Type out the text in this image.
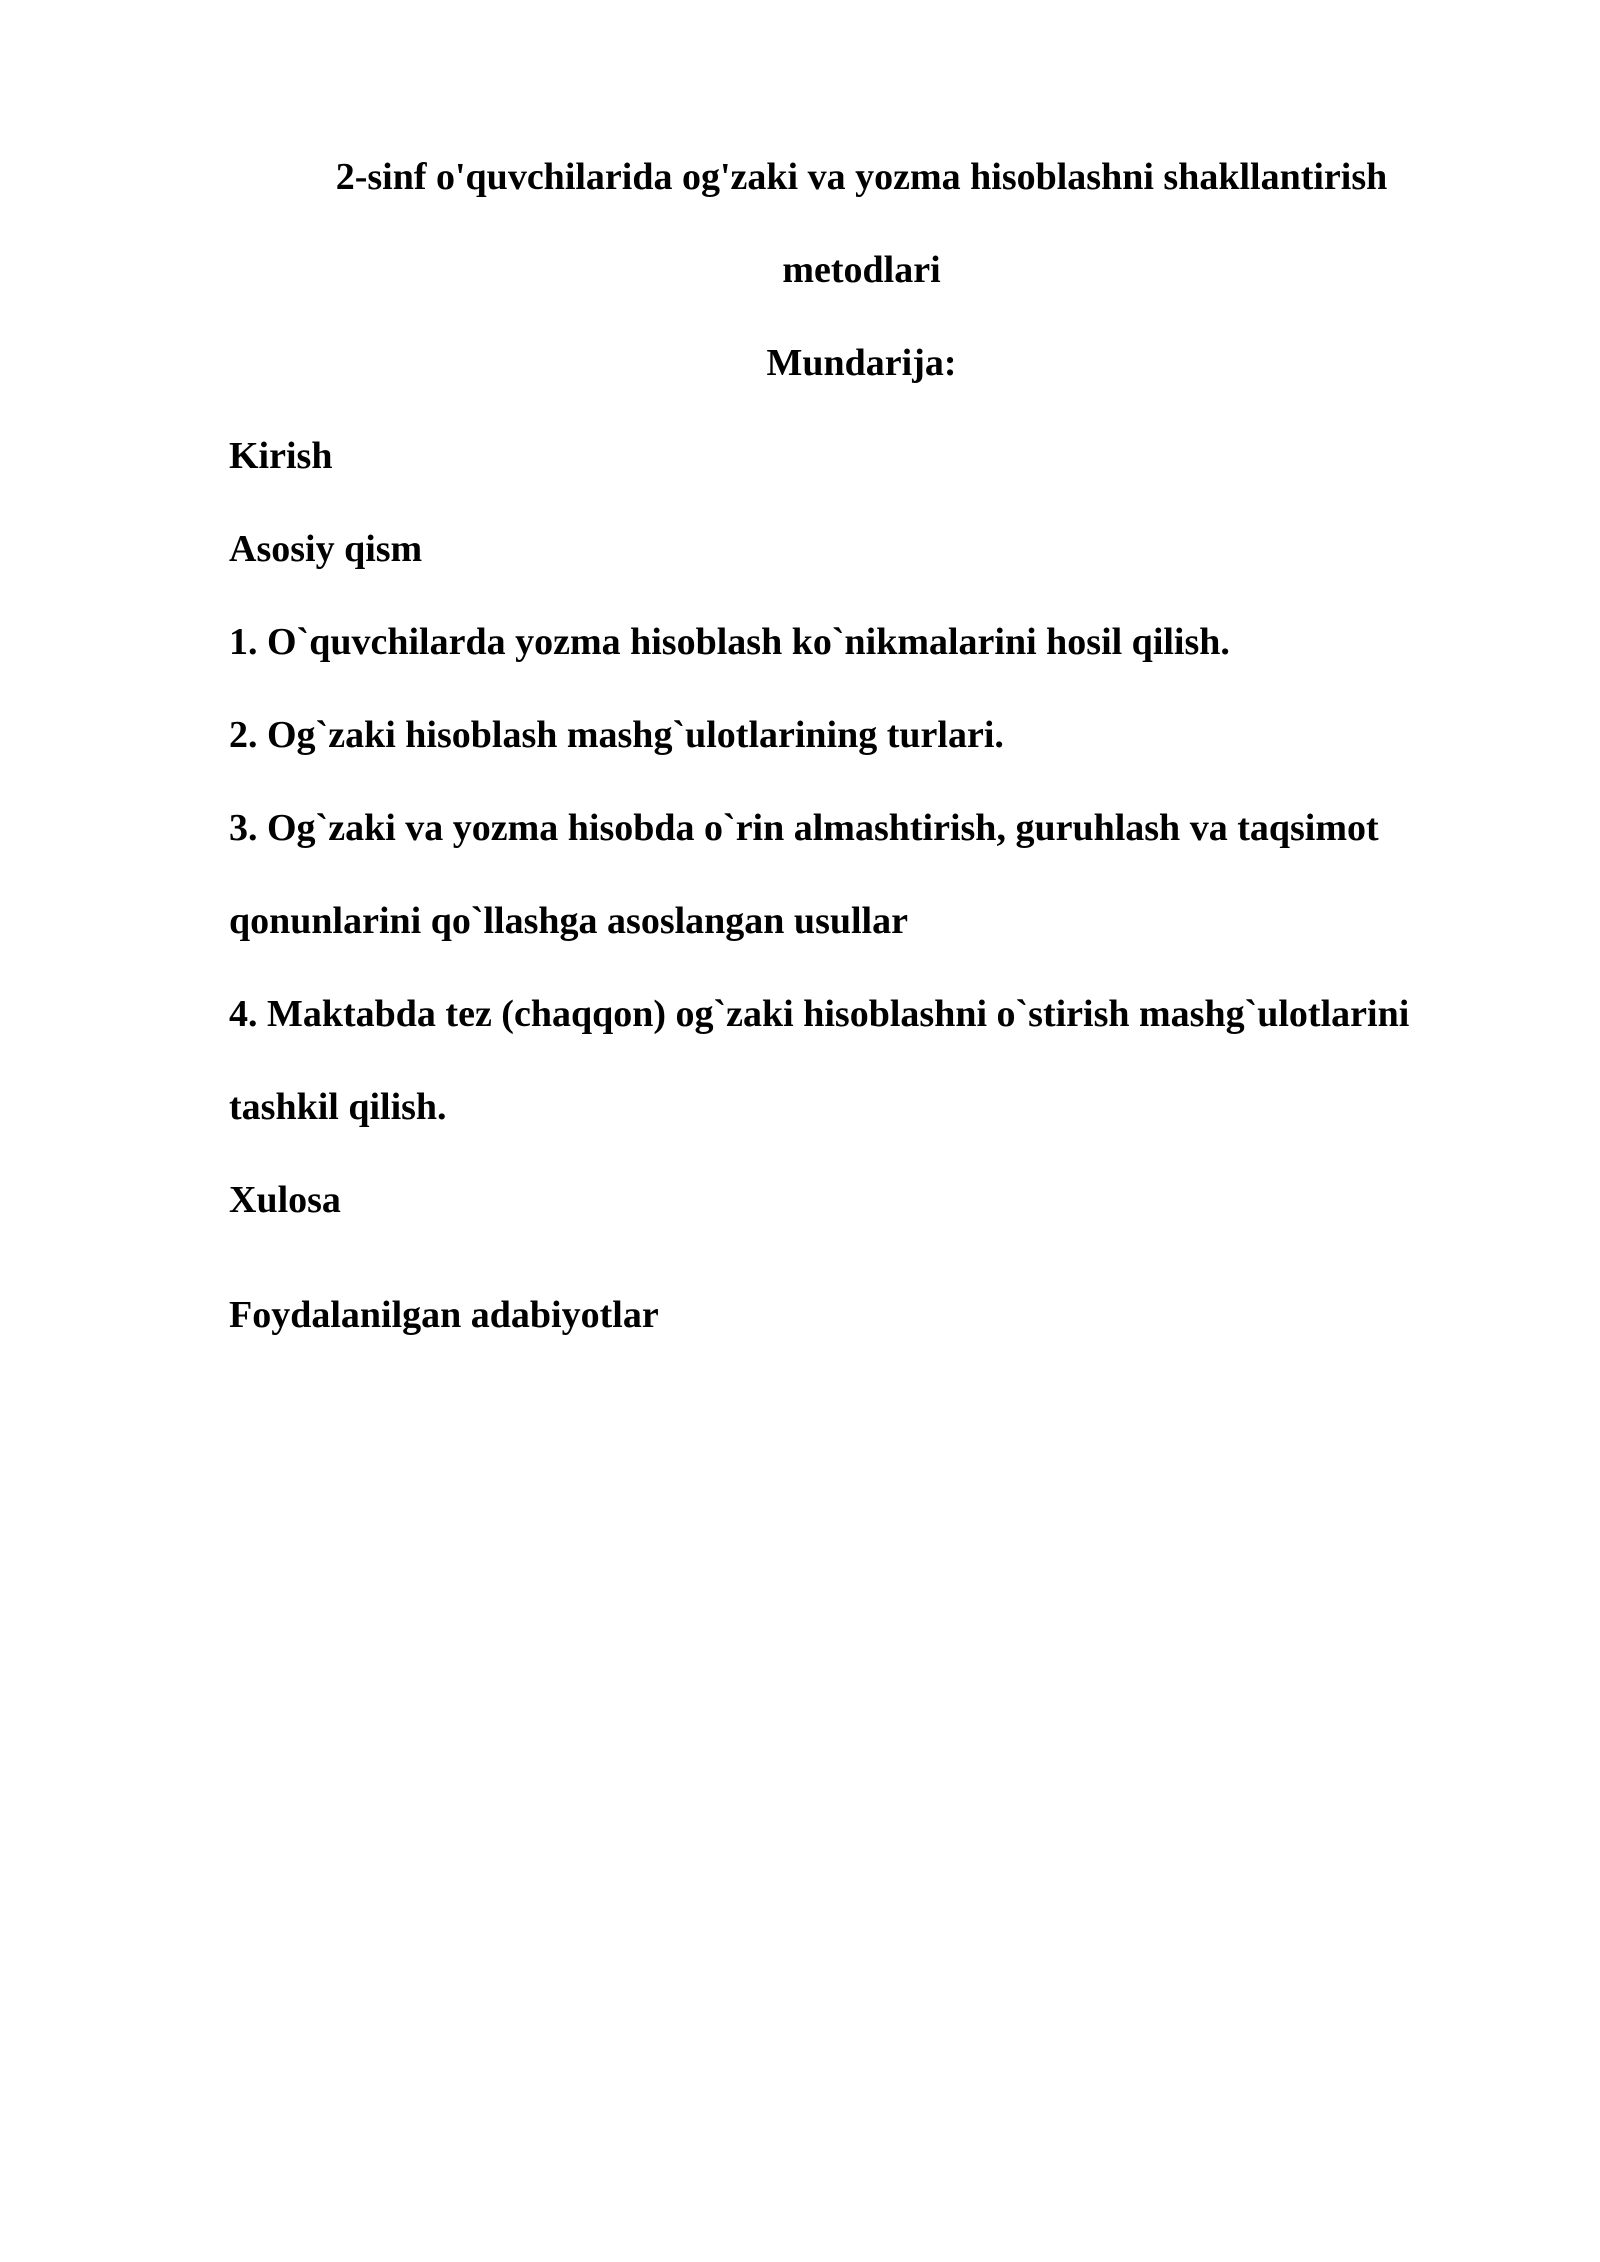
2-sinf o'quvchilarida og'zaki va yozma hisoblashni shakllantirish
metodlari
Mundarija:

Kirish

Asosiy qism

1. O`quvchilarda yozma hisoblash ko`nikmalarini hosil qilish.

2. Og`zaki hisoblash mashg`ulotlarining turlari.

3. Og`zaki va yozma hisobda o`rin almashtirish, guruhlash va taqsimot

qonunlarini qo`llashga asoslangan usullar

4. Maktabda tez (chaqqon) og`zaki hisoblashni o`stirish mashg`ulotlarini

tashkil qilish.

Xulosa

Foydalanilgan adabiyotlar
